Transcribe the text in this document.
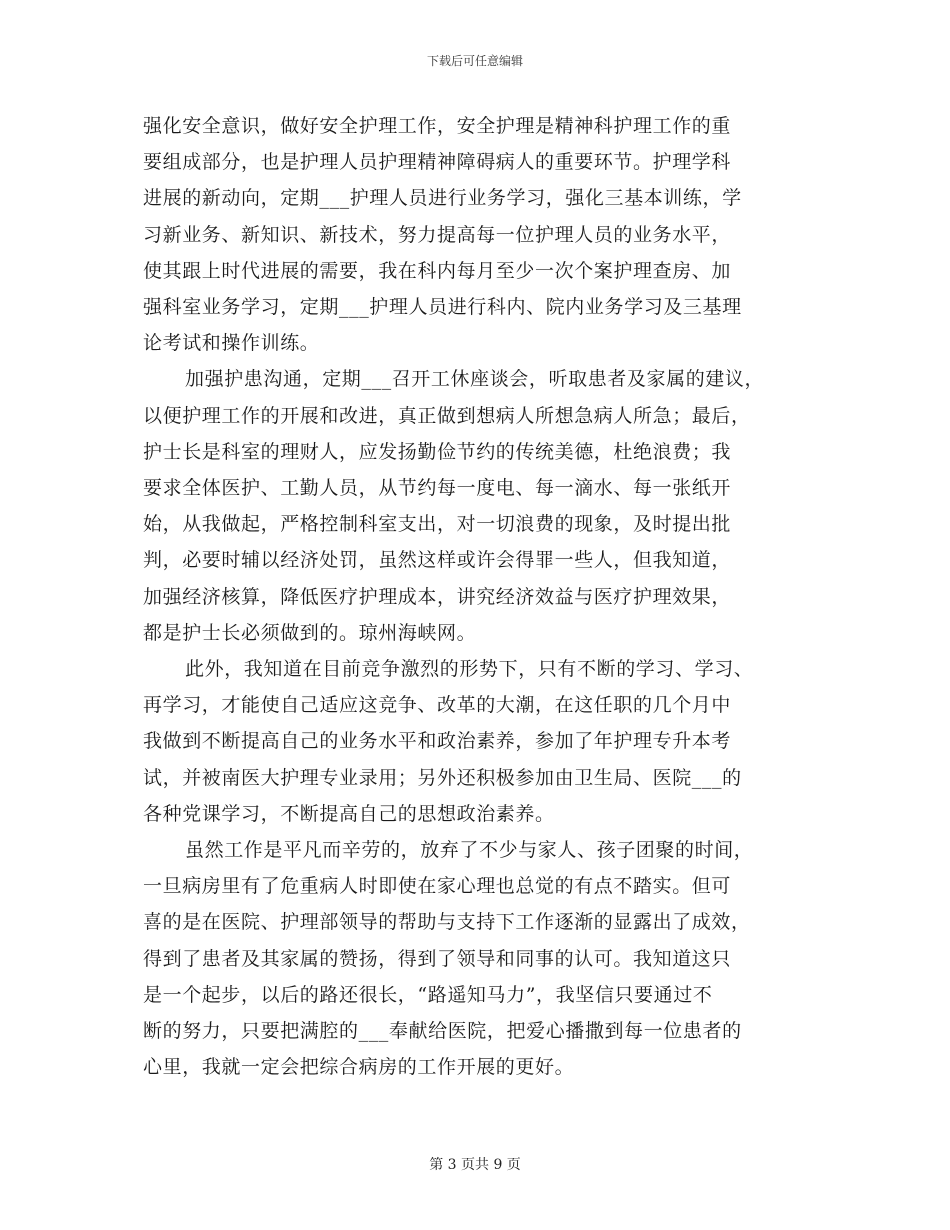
下载后可任意编辑
强化安全意识，做好安全护理工作，安全护理是精神科护理工作的重
要组成部分，也是护理人员护理精神障碍病人的重要环节。护理学科
进展的新动向，定期___护理人员进行业务学习，强化三基本训练，学
习新业务、新知识、新技术，努力提高每一位护理人员的业务水平，
使其跟上时代进展的需要，我在科内每月至少一次个案护理查房、加
强科室业务学习，定期___护理人员进行科内、院内业务学习及三基理
论考试和操作训练。
加强护患沟通，定期___召开工休座谈会，听取患者及家属的建议，
以便护理工作的开展和改进，真正做到想病人所想急病人所急；最后，
护士长是科室的理财人，应发扬勤俭节约的传统美德，杜绝浪费；我
要求全体医护、工勤人员，从节约每一度电、每一滴水、每一张纸开
始，从我做起，严格控制科室支出，对一切浪费的现象，及时提出批
判，必要时辅以经济处罚，虽然这样或许会得罪一些人，但我知道，
加强经济核算，降低医疗护理成本，讲究经济效益与医疗护理效果，
都是护士长必须做到的。琼州海峡网。
此外，我知道在目前竞争激烈的形势下，只有不断的学习、学习、
再学习，才能使自己适应这竞争、改革的大潮，在这任职的几个月中
我做到不断提高自己的业务水平和政治素养，参加了年护理专升本考
试，并被南医大护理专业录用；另外还积极参加由卫生局、医院___的
各种党课学习，不断提高自己的思想政治素养。
虽然工作是平凡而辛劳的，放弃了不少与家人、孩子团聚的时间，
一旦病房里有了危重病人时即使在家心理也总觉的有点不踏实。但可
喜的是在医院、护理部领导的帮助与支持下工作逐渐的显露出了成效，
得到了患者及其家属的赞扬，得到了领导和同事的认可。我知道这只
是一个起步，以后的路还很长，“路遥知马力”，我坚信只要通过不
断的努力，只要把满腔的___奉献给医院，把爱心播撒到每一位患者的
心里，我就一定会把综合病房的工作开展的更好。
第 3 页共 9 页
